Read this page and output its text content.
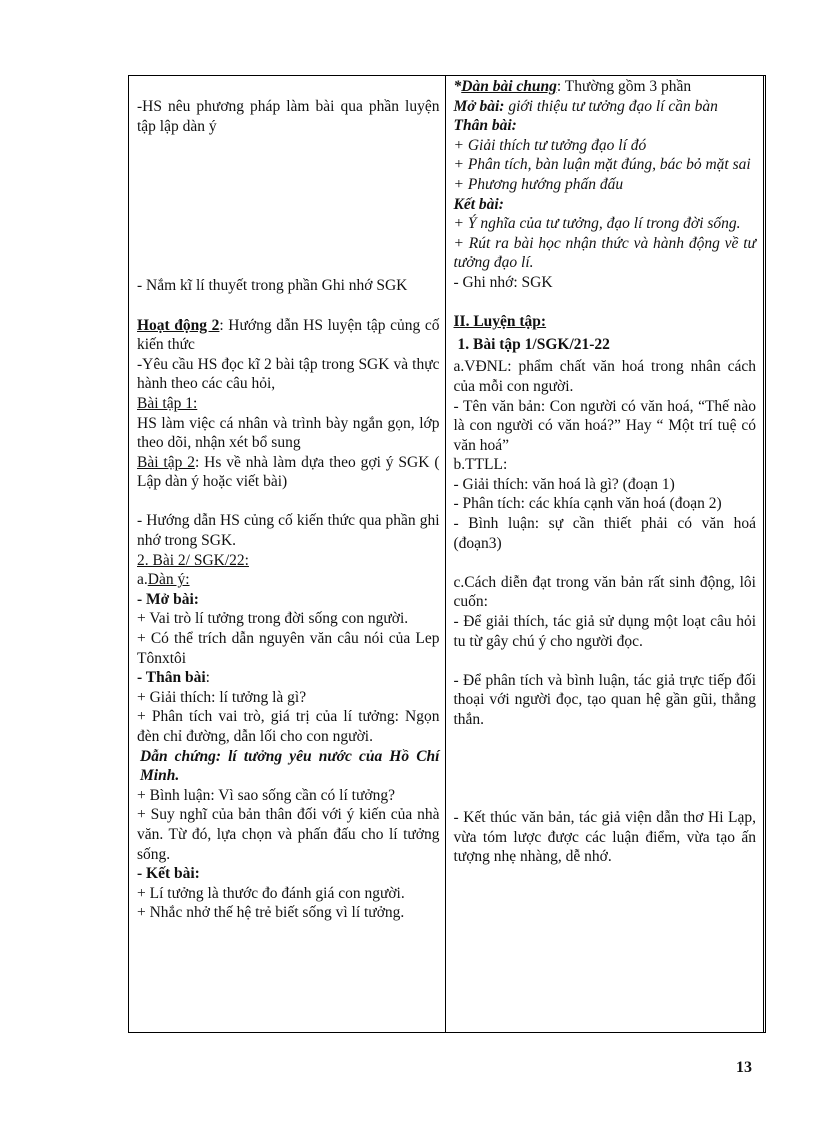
-HS nêu phương pháp làm bài qua phần luyện tập lập dàn ý

- Nắm kĩ lí thuyết trong phần Ghi nhớ SGK

Hoạt động 2: Hướng dẫn HS luyện tập củng cố kiến thức

-Yêu cầu HS đọc kĩ 2 bài tập trong SGK và thực hành theo các câu hỏi,

Bài tập 1:

HS làm việc cá nhân và trình bày ngắn gọn, lớp theo dõi, nhận xét bổ sung

Bài tập 2: Hs về nhà làm dựa theo gợi ý SGK ( Lập dàn ý hoặc viết bài)

- Hướng dẫn HS củng cố kiến thức qua phần ghi nhớ trong SGK.

2. Bài 2/ SGK/22:

a.Dàn ý:

- Mở bài:

+ Vai trò lí tưởng trong đời sống con người.

+ Có thể trích dẫn nguyên văn câu nói của Lep Tônxtôi

- Thân bài:

+ Giải thích: lí tưởng là gì?

+ Phân tích vai trò, giá trị của lí tưởng: Ngọn đèn chỉ đường, dẫn lối cho con người.

Dẫn chứng: lí tưởng yêu nước của Hồ Chí Minh.

+ Bình luận: Vì sao sống cần có lí tưởng?

+ Suy nghĩ của bản thân đối với ý kiến của nhà văn. Từ đó, lựa chọn và phấn đấu cho lí tưởng sống.

- Kết bài:

+ Lí tưởng là thước đo đánh giá con người.

+ Nhắc nhở thế hệ trẻ biết sống vì lí tưởng.

*Dàn bài chung: Thường gồm 3 phần

Mở bài: giới thiệu tư tưởng đạo lí cần bàn

Thân bài:

+ Giải thích tư tưởng đạo lí đó

+ Phân tích, bàn luận mặt đúng, bác bỏ mặt sai

+ Phương hướng phấn đấu

Kết bài:

+ Ý nghĩa của tư tưởng, đạo lí trong đời sống.

+ Rút ra bài học nhận thức và hành động về tư tưởng đạo lí.

- Ghi nhớ: SGK

II. Luyện tập:

1. Bài tập 1/SGK/21-22

a.VĐNL: phẩm chất văn hoá trong nhân cách của mỗi con người.

- Tên văn bản: Con người có văn hoá, “Thế nào là con người có văn hoá?” Hay “ Một trí tuệ có văn hoá”

b.TTLL:

- Giải thích: văn hoá là gì? (đoạn 1)

- Phân tích: các khía cạnh văn hoá (đoạn 2)

- Bình luận: sự cần thiết phải có văn hoá (đoạn3)

c.Cách diễn đạt trong văn bản rất sinh động, lôi cuốn:

- Để giải thích, tác giả sử dụng một loạt câu hỏi tu từ gây chú ý cho người đọc.

- Để phân tích và bình luận, tác giả trực tiếp đối thoại với người đọc, tạo quan hệ gần gũi, thẳng thắn.

- Kết thúc văn bản, tác giả viện dẫn thơ Hi Lạp, vừa tóm lược được các luận điểm, vừa tạo ấn tượng nhẹ nhàng, dễ nhớ.

13
